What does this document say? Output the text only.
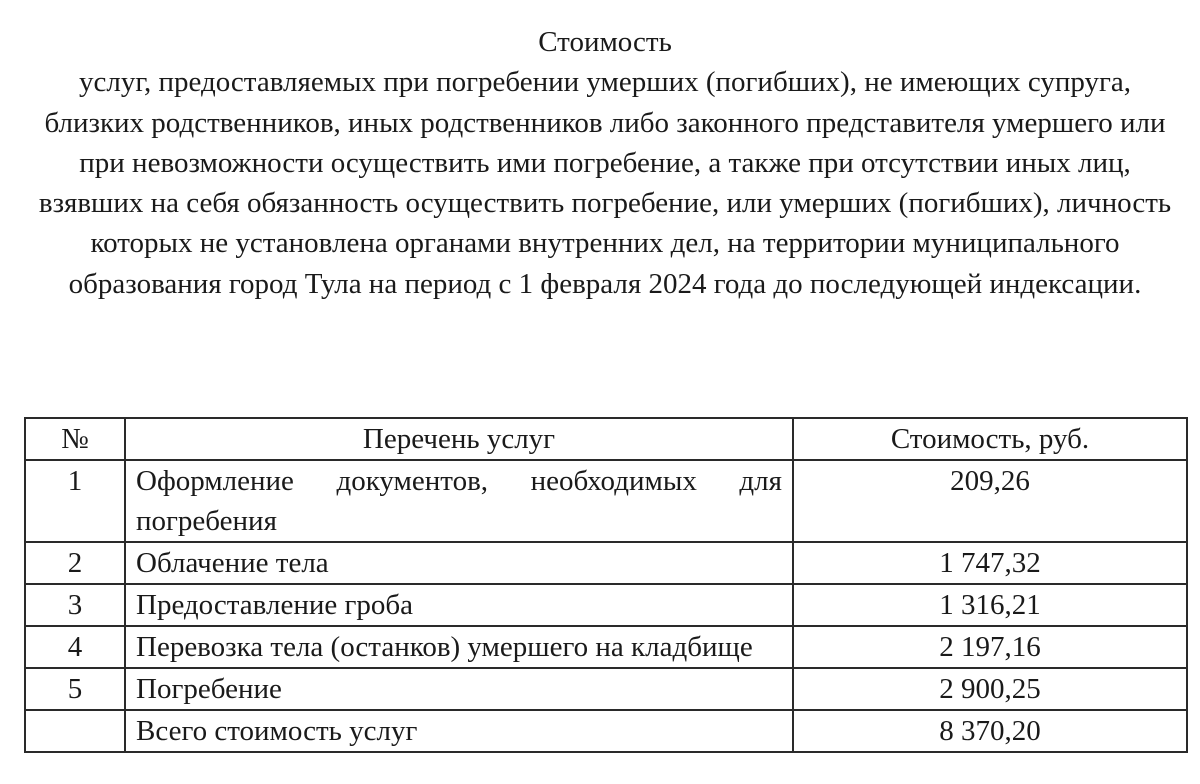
Стоимость
услуг, предоставляемых при погребении умерших (погибших), не имеющих супруга, близких родственников, иных родственников либо законного представителя умершего или при невозможности осуществить ими погребение, а также при отсутствии иных лиц, взявших на себя обязанность осуществить погребение, или умерших (погибших), личность которых не установлена органами внутренних дел, на территории муниципального образования город Тула на период с 1 февраля 2024 года до последующей индексации.
№	Перечень услуг	Стоимость, руб.
1	Оформление документов, необходимых для погребения	209,26
2	Облачение тела	1 747,32
3	Предоставление гроба	1 316,21
4	Перевозка тела (останков) умершего на кладбище	2 197,16
5	Погребение	2 900,25
	Всего стоимость услуг	8 370,20
